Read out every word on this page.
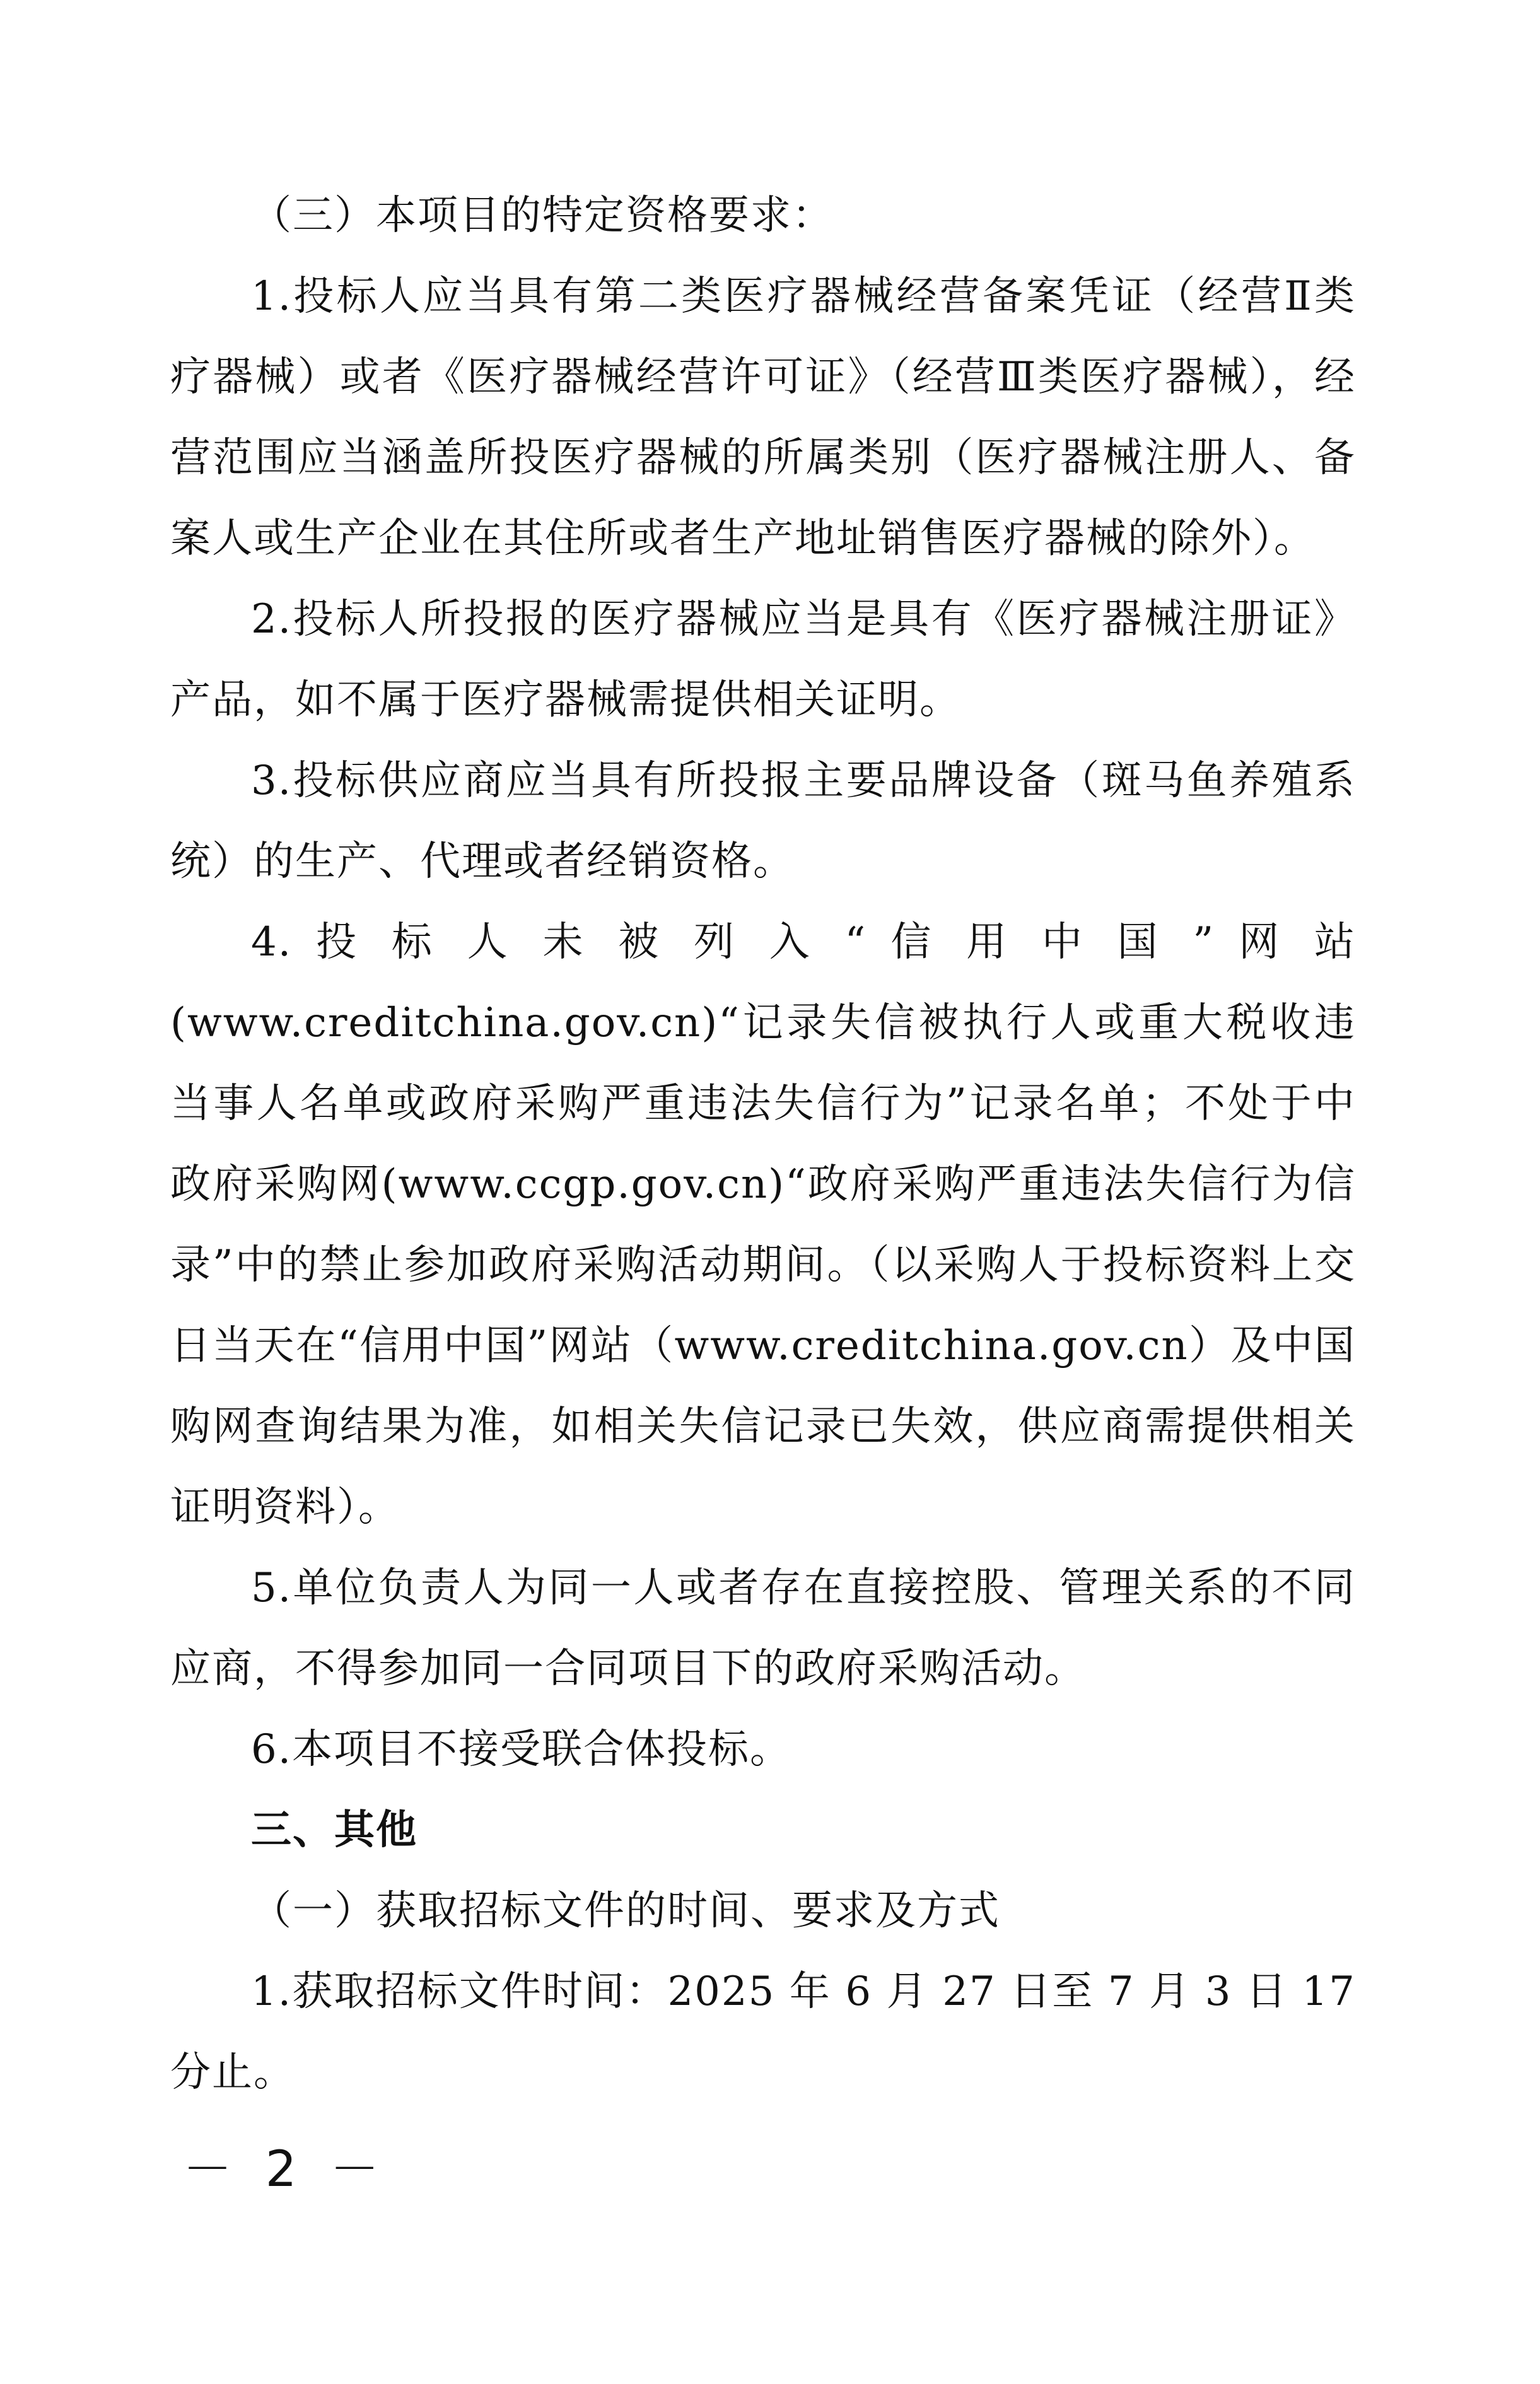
（三）本项目的特定资格要求：
1.投标人应当具有第二类医疗器械经营备案凭证（经营Ⅱ类
疗器械）或者《医疗器械经营许可证》（经营Ⅲ类医疗器械），经
营范围应当涵盖所投医疗器械的所属类别（医疗器械注册人、备
案人或生产企业在其住所或者生产地址销售医疗器械的除外）。
2.投标人所投报的医疗器械应当是具有《医疗器械注册证》
产品，如不属于医疗器械需提供相关证明。
3.投标供应商应当具有所投报主要品牌设备（斑马鱼养殖系
统）的生产、代理或者经销资格。
4. 投 标 人 未 被 列 入 “ 信 用 中 国 ” 网 站
(www.creditchina.gov.cn)“记录失信被执行人或重大税收违
当事人名单或政府采购严重违法失信行为”记录名单；不处于中
政府采购网(www.ccgp.gov.cn)“政府采购严重违法失信行为信
录”中的禁止参加政府采购活动期间。（以采购人于投标资料上交
日当天在“信用中国”网站（www.creditchina.gov.cn）及中国
购网查询结果为准，如相关失信记录已失效，供应商需提供相关
证明资料）。
5.单位负责人为同一人或者存在直接控股、管理关系的不同
应商，不得参加同一合同项目下的政府采购活动。
6.本项目不接受联合体投标。
三、其他
（一）获取招标文件的时间、要求及方式
1.获取招标文件时间：2025 年 6 月 27 日至 7 月 3 日 17
分止。
－ 2 －
